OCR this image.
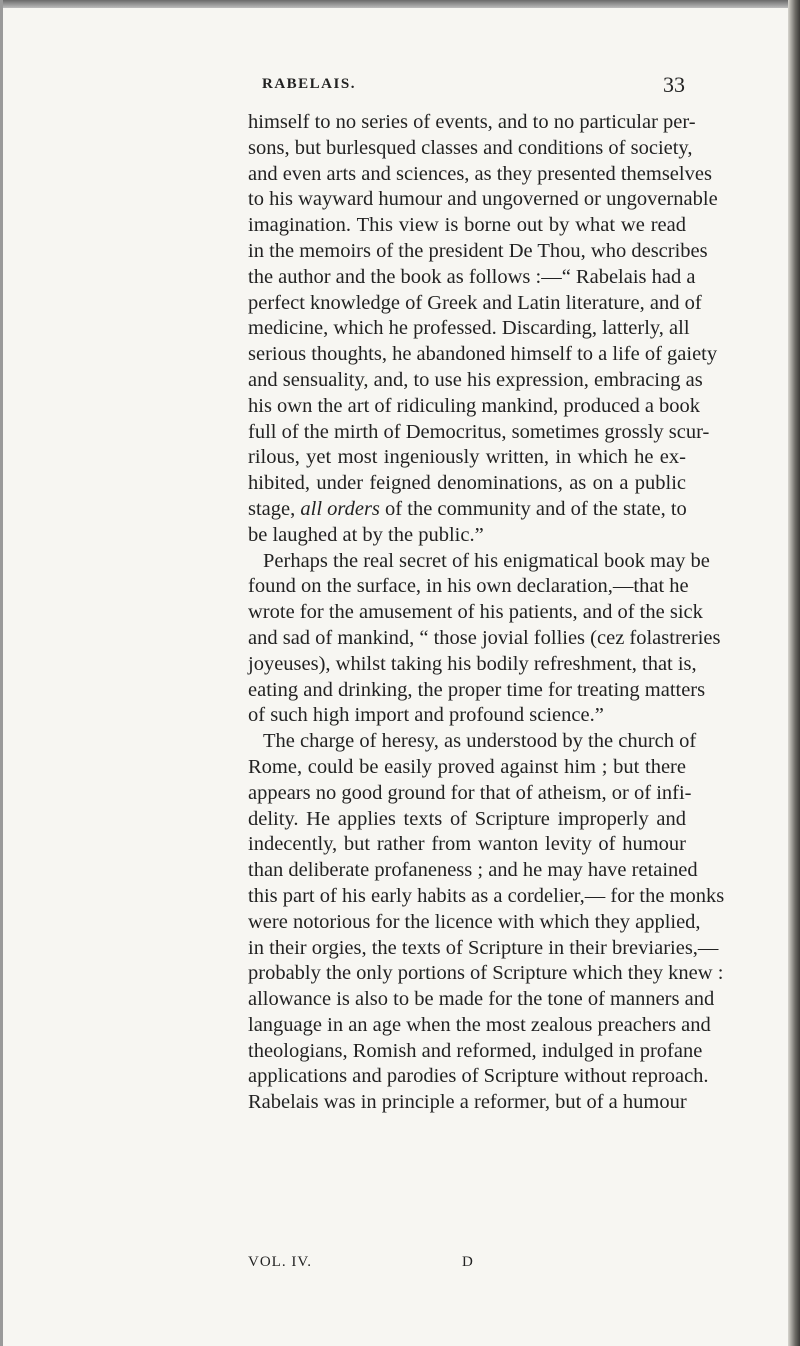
RABELAIS.	33
himself to no series of events, and to no particular per-
sons, but burlesqued classes and conditions of society,
and even arts and sciences, as they presented themselves
to his wayward humour and ungoverned or ungovernable
imagination. This view is borne out by what we read
in the memoirs of the president De Thou, who describes
the author and the book as follows :—“ Rabelais had a
perfect knowledge of Greek and Latin literature, and of
medicine, which he professed. Discarding, latterly, all
serious thoughts, he abandoned himself to a life of gaiety
and sensuality, and, to use his expression, embracing as
his own the art of ridiculing mankind, produced a book
full of the mirth of Democritus, sometimes grossly scur-
rilous, yet most ingeniously written, in which he ex-
hibited, under feigned denominations, as on a public
stage, all orders of the community and of the state, to
be laughed at by the public.”
Perhaps the real secret of his enigmatical book may be
found on the surface, in his own declaration,—that he
wrote for the amusement of his patients, and of the sick
and sad of mankind, “ those jovial follies (cez folastreries
joyeuses), whilst taking his bodily refreshment, that is,
eating and drinking, the proper time for treating matters
of such high import and profound science.”
The charge of heresy, as understood by the church of
Rome, could be easily proved against him ; but there
appears no good ground for that of atheism, or of infi-
delity. He applies texts of Scripture improperly and
indecently, but rather from wanton levity of humour
than deliberate profaneness ; and he may have retained
this part of his early habits as a cordelier,— for the monks
were notorious for the licence with which they applied,
in their orgies, the texts of Scripture in their breviaries,—
probably the only portions of Scripture which they knew :
allowance is also to be made for the tone of manners and
language in an age when the most zealous preachers and
theologians, Romish and reformed, indulged in profane
applications and parodies of Scripture without reproach.
Rabelais was in principle a reformer, but of a humour
VOL. IV.	D
